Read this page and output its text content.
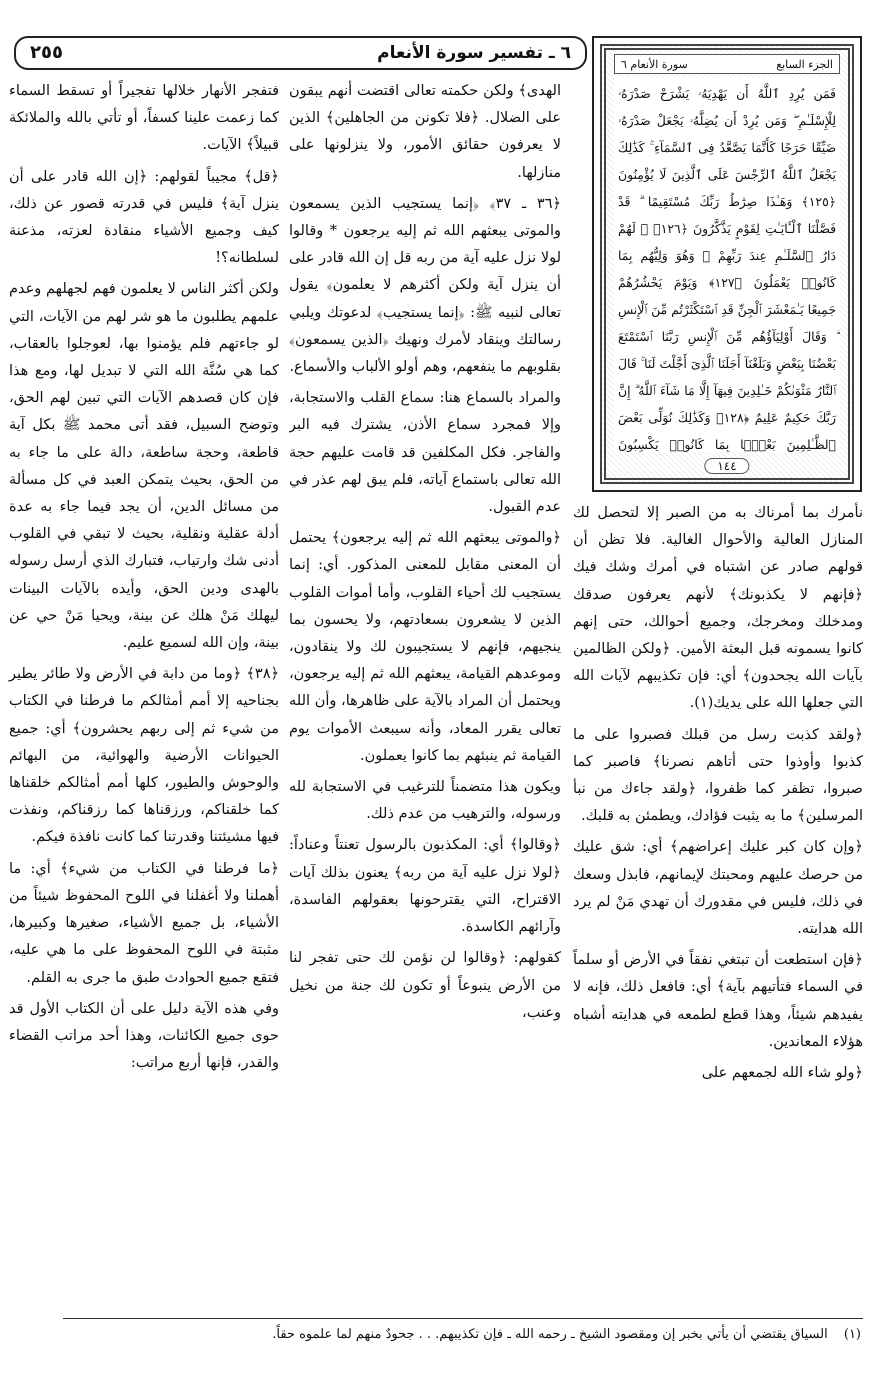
٦ ـ تفسير سورة الأنعام
٢٥٥
الجزء السابع
سورة الأنعام ٦
فَمَن يُرِدِ ٱللَّهُ أَن يَهْدِيَهُۥ يَشْرَحْ صَدْرَهُۥ لِلْإِسْلَـٰمِ ۖ وَمَن يُرِدْ أَن يُضِلَّهُۥ يَجْعَلْ صَدْرَهُۥ ضَيِّقًا حَرَجًا كَأَنَّمَا يَصَّعَّدُ فِى ٱلسَّمَآءِ ۚ كَذَٰلِكَ يَجْعَلُ ٱللَّهُ ٱلرِّجْسَ عَلَى ٱلَّذِينَ لَا يُؤْمِنُونَ ﴿١٢٥﴾ وَهَـٰذَا صِرَٰطُ رَبِّكَ مُسْتَقِيمًا ۗ قَدْ فَصَّلْنَا ٱلْـَٔايَـٰتِ لِقَوْمٍ يَذَّكَّرُونَ ﴿١٢٦﴾ ۞ لَهُمْ دَارُ ٱلسَّلَـٰمِ عِندَ رَبِّهِمْ ۖ وَهُوَ وَلِيُّهُم بِمَا كَانُوا۟ يَعْمَلُونَ ﴿١٢٧﴾ وَيَوْمَ يَحْشُرُهُمْ جَمِيعًا يَـٰمَعْشَرَ ٱلْجِنِّ قَدِ ٱسْتَكْثَرْتُم مِّنَ ٱلْإِنسِ ۖ وَقَالَ أَوْلِيَآؤُهُم مِّنَ ٱلْإِنسِ رَبَّنَا ٱسْتَمْتَعَ بَعْضُنَا بِبَعْضٍ وَبَلَغْنَآ أَجَلَنَا ٱلَّذِىٓ أَجَّلْتَ لَنَا ۚ قَالَ ٱلنَّارُ مَثْوَىٰكُمْ خَـٰلِدِينَ فِيهَآ إِلَّا مَا شَآءَ ٱللَّهُ ۗ إِنَّ رَبَّكَ حَكِيمٌ عَلِيمٌ ﴿١٢٨﴾ وَكَذَٰلِكَ نُوَلِّى بَعْضَ ٱلظَّـٰلِمِينَ بَعْضًۢا بِمَا كَانُوا۟ يَكْسِبُونَ
١٤٤

نأمرك بما أمرناك به من الصبر إلا لتحصل لك المنازل العالية والأحوال الغالية. فلا تظن أن قولهم صادر عن اشتباه في أمرك وشك فيك ﴿فإنهم لا يكذبونك﴾ لأنهم يعرفون صدقك ومدخلك ومخرجك، وجميع أحوالك، حتى إنهم كانوا يسمونه قبل البعثة الأمين. ﴿ولكن الظالمين بآيات الله يجحدون﴾ أي: فإن تكذيبهم لآيات الله التي جعلها الله على يديك(١).

﴿ولقد كذبت رسل من قبلك فصبروا على ما كذبوا وأوذوا حتى أتاهم نصرنا﴾ فاصبر كما صبروا، تظفر كما ظفروا، ﴿ولقد جاءك من نبأ المرسلين﴾ ما به يثبت فؤادك، ويطمئن به قلبك.

﴿وإن كان كبر عليك إعراضهم﴾ أي: شق عليك من حرصك عليهم ومحبتك لإيمانهم، فابذل وسعك في ذلك، فليس في مقدورك أن تهدي مَنْ لم يرد الله هدايته.

﴿فإن استطعت أن تبتغي نفقاً في الأرض أو سلماً في السماء فتأتيهم بآية﴾ أي: فافعل ذلك، فإنه لا يفيدهم شيئاً، وهذا قطع لطمعه في هدايته أشباه هؤلاء المعاندين.

﴿ولو شاء الله لجمعهم على

الهدى﴾ ولكن حكمته تعالى اقتضت أنهم يبقون على الضلال. ﴿فلا تكونن من الجاهلين﴾ الذين لا يعرفون حقائق الأمور، ولا ينزلونها على منازلها.

﴿٣٦ ـ ٣٧﴾ ﴿إنما يستجيب الذين يسمعون والموتى يبعثهم الله ثم إليه يرجعون * وقالوا لولا نزل عليه آية من ربه قل إن الله قادر على أن ينزل آية ولكن أكثرهم لا يعلمون﴾ يقول تعالى لنبيه ﷺ: ﴿إنما يستجيب﴾ لدعوتك ويلبي رسالتك وينقاد لأمرك ونهيك ﴿الذين يسمعون﴾ بقلوبهم ما ينفعهم، وهم أولو الألباب والأسماع.

والمراد بالسماع هنا: سماع القلب والاستجابة، وإلا فمجرد سماع الأذن، يشترك فيه البر والفاجر. فكل المكلفين قد قامت عليهم حجة الله تعالى باستماع آياته، فلم يبق لهم عذر في عدم القبول.

﴿والموتى يبعثهم الله ثم إليه يرجعون﴾ يحتمل أن المعنى مقابل للمعنى المذكور. أي: إنما يستجيب لك أحياء القلوب، وأما أموات القلوب الذين لا يشعرون بسعادتهم، ولا يحسون بما ينجيهم، فإنهم لا يستجيبون لك ولا ينقادون، وموعدهم القيامة، يبعثهم الله ثم إليه يرجعون، ويحتمل أن المراد بالآية على ظاهرها، وأن الله تعالى يقرر المعاد، وأنه سيبعث الأموات يوم القيامة ثم ينبئهم بما كانوا يعملون.

ويكون هذا متضمناً للترغيب في الاستجابة لله ورسوله، والترهيب من عدم ذلك.

﴿وقالوا﴾ أي: المكذبون بالرسول تعنتاً وعناداً: ﴿لولا نزل عليه آية من ربه﴾ يعنون بذلك آيات الاقتراح، التي يقترحونها بعقولهم الفاسدة، وآرائهم الكاسدة.

كقولهم: ﴿وقالوا لن نؤمن لك حتى تفجر لنا من الأرض ينبوعاً أو تكون لك جنة من نخيل وعنب،

فتفجر الأنهار خلالها تفجيراً أو تسقط السماء كما زعمت علينا كسفاً، أو تأتي بالله والملائكة قبيلاً﴾ الآيات.

﴿قل﴾ مجيباً لقولهم: ﴿إن الله قادر على أن ينزل آية﴾ فليس في قدرته قصور عن ذلك، كيف وجميع الأشياء منقادة لعزته، مذعنة لسلطانه؟!

ولكن أكثر الناس لا يعلمون فهم لجهلهم وعدم علمهم يطلبون ما هو شر لهم من الآيات، التي لو جاءتهم فلم يؤمنوا بها، لعوجلوا بالعقاب، كما هي سُنَّة الله التي لا تبديل لها، ومع هذا فإن كان قصدهم الآيات التي تبين لهم الحق، وتوضح السبيل، فقد أتى محمد ﷺ بكل آية قاطعة، وحجة ساطعة، دالة على ما جاء به من الحق، بحيث يتمكن العبد في كل مسألة من مسائل الدين، أن يجد فيما جاء به عدة أدلة عقلية ونقلية، بحيث لا تبقي في القلوب أدنى شك وارتياب، فتبارك الذي أرسل رسوله بالهدى ودين الحق، وأيده بالآيات البينات ليهلك مَنْ هلك عن بينة، ويحيا مَنْ حي عن بينة، وإن الله لسميع عليم.

﴿٣٨﴾ ﴿وما من دابة في الأرض ولا طائر يطير بجناحيه إلا أمم أمثالكم ما فرطنا في الكتاب من شيء ثم إلى ربهم يحشرون﴾ أي: جميع الحيوانات الأرضية والهوائية، من البهائم والوحوش والطيور، كلها أمم أمثالكم خلقناها كما خلقناكم، ورزقناها كما رزقناكم، ونفذت فيها مشيئتنا وقدرتنا كما كانت نافذة فيكم.

﴿ما فرطنا في الكتاب من شيء﴾ أي: ما أهملنا ولا أغفلنا في اللوح المحفوظ شيئاً من الأشياء، بل جميع الأشياء، صغيرها وكبيرها، مثبتة في اللوح المحفوظ على ما هي عليه، فتقع جميع الحوادث طبق ما جرى به القلم.

وفي هذه الآية دليل على أن الكتاب الأول قد حوى جميع الكائنات، وهذا أحد مراتب القضاء والقدر، فإنها أربع مراتب:

(١) السياق يقتضي أن يأتي بخبر إن ومقصود الشيخ ـ رحمه الله ـ فإن تكذيبهم. . . جحودٌ منهم لما علموه حقاً.
